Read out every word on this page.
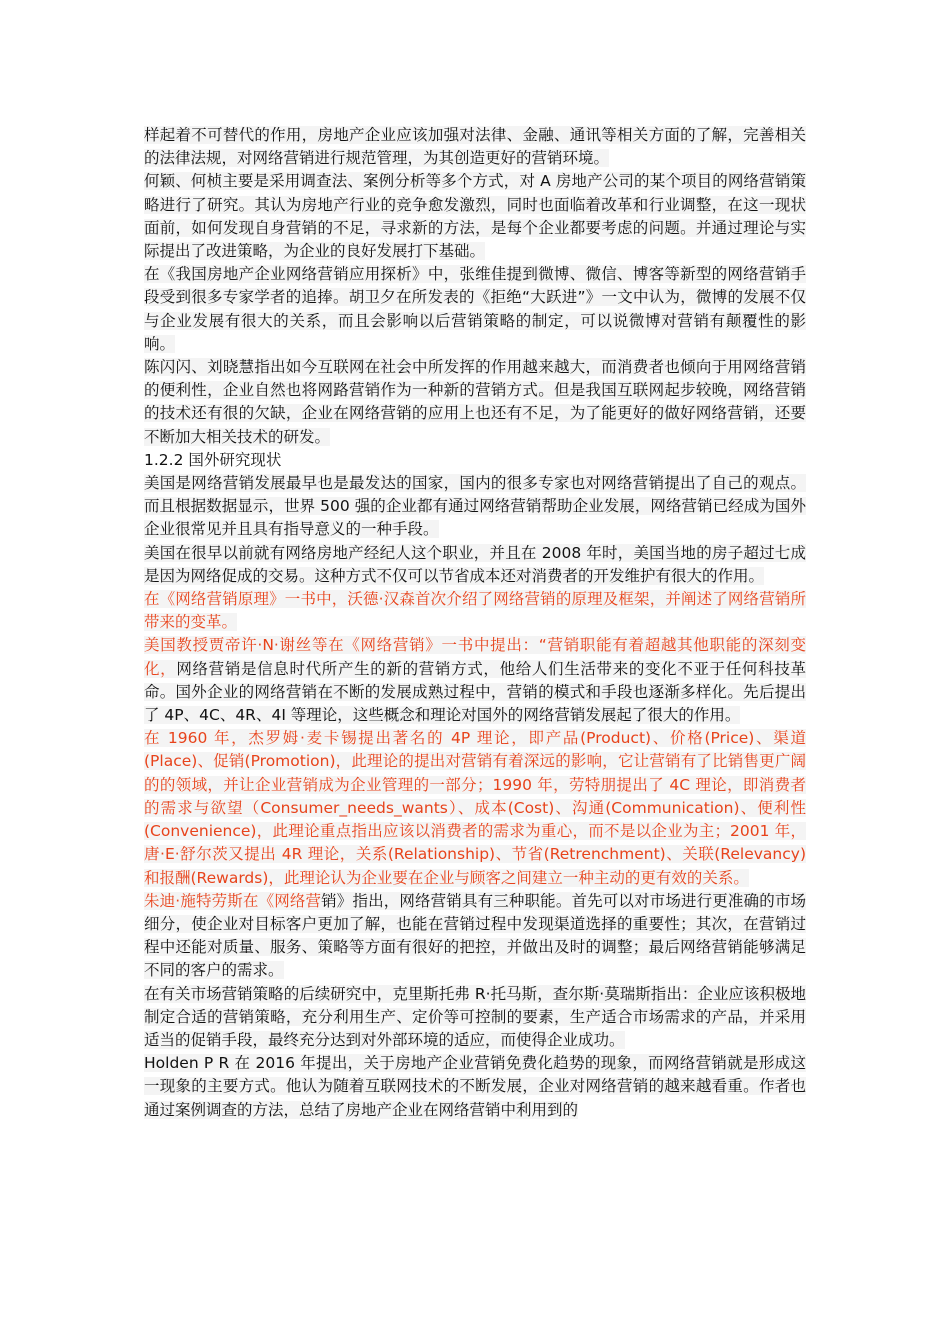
样起着不可替代的作用，房地产企业应该加强对法律、金融、通讯等相关方面的了解，完善相关的法律法规，对网络营销进行规范管理，为其创造更好的营销环境。

何颖、何桢主要是采用调查法、案例分析等多个方式，对 A 房地产公司的某个项目的网络营销策略进行了研究。其认为房地产行业的竞争愈发激烈，同时也面临着改革和行业调整，在这一现状面前，如何发现自身营销的不足，寻求新的方法，是每个企业都要考虑的问题。并通过理论与实际提出了改进策略，为企业的良好发展打下基础。

在《我国房地产企业网络营销应用探析》中，张维佳提到微博、微信、博客等新型的网络营销手段受到很多专家学者的追捧。胡卫夕在所发表的《拒绝“大跃进”》一文中认为，微博的发展不仅与企业发展有很大的关系，而且会影响以后营销策略的制定，可以说微博对营销有颠覆性的影响。

陈闪闪、刘晓慧指出如今互联网在社会中所发挥的作用越来越大，而消费者也倾向于用网络营销的便利性，企业自然也将网路营销作为一种新的营销方式。但是我国互联网起步较晚，网络营销的技术还有很的欠缺，企业在网络营销的应用上也还有不足，为了能更好的做好网络营销，还要不断加大相关技术的研发。

1.2.2 国外研究现状

美国是网络营销发展最早也是最发达的国家，国内的很多专家也对网络营销提出了自己的观点。而且根据数据显示，世界 500 强的企业都有通过网络营销帮助企业发展，网络营销已经成为国外企业很常见并且具有指导意义的一种手段。

美国在很早以前就有网络房地产经纪人这个职业，并且在 2008 年时，美国当地的房子超过七成是因为网络促成的交易。这种方式不仅可以节省成本还对消费者的开发维护有很大的作用。

在《网络营销原理》一书中，沃德·汉森首次介绍了网络营销的原理及框架，并阐述了网络营销所带来的变革。

美国教授贾帝许·N·谢丝等在《网络营销》一书中提出：“营销职能有着超越其他职能的深刻变化，网络营销是信息时代所产生的新的营销方式，他给人们生活带来的变化不亚于任何科技革命。国外企业的网络营销在不断的发展成熟过程中，营销的模式和手段也逐渐多样化。先后提出了 4P、4C、4R、4I 等理论，这些概念和理论对国外的网络营销发展起了很大的作用。

在 1960 年，杰罗姆·麦卡锡提出著名的 4P 理论，即产品(Product)、价格(Price)、渠道(Place)、促销(Promotion)，此理论的提出对营销有着深远的影响，它让营销有了比销售更广阔的的领域，并让企业营销成为企业管理的一部分；1990 年，劳特朋提出了 4C 理论，即消费者的需求与欲望（Consumer_needs_wants）、成本(Cost)、沟通(Communication)、便利性(Convenience)，此理论重点指出应该以消费者的需求为重心，而不是以企业为主；2001 年，唐·E·舒尔茨又提出 4R 理论，关系(Relationship)、节省(Retrenchment)、关联(Relevancy)和报酬(Rewards)，此理论认为企业要在企业与顾客之间建立一种主动的更有效的关系。

朱迪·施特劳斯在《网络营销》指出，网络营销具有三种职能。首先可以对市场进行更准确的市场细分，使企业对目标客户更加了解，也能在营销过程中发现渠道选择的重要性；其次，在营销过程中还能对质量、服务、策略等方面有很好的把控，并做出及时的调整；最后网络营销能够满足不同的客户的需求。

在有关市场营销策略的后续研究中，克里斯托弗 R·托马斯，查尔斯·莫瑞斯指出：企业应该积极地制定合适的营销策略，充分利用生产、定价等可控制的要素，生产适合市场需求的产品，并采用适当的促销手段，最终充分达到对外部环境的适应，而使得企业成功。

Holden P R 在 2016 年提出，关于房地产企业营销免费化趋势的现象，而网络营销就是形成这一现象的主要方式。他认为随着互联网技术的不断发展，企业对网络营销的越来越看重。作者也通过案例调查的方法，总结了房地产企业在网络营销中利用到的
